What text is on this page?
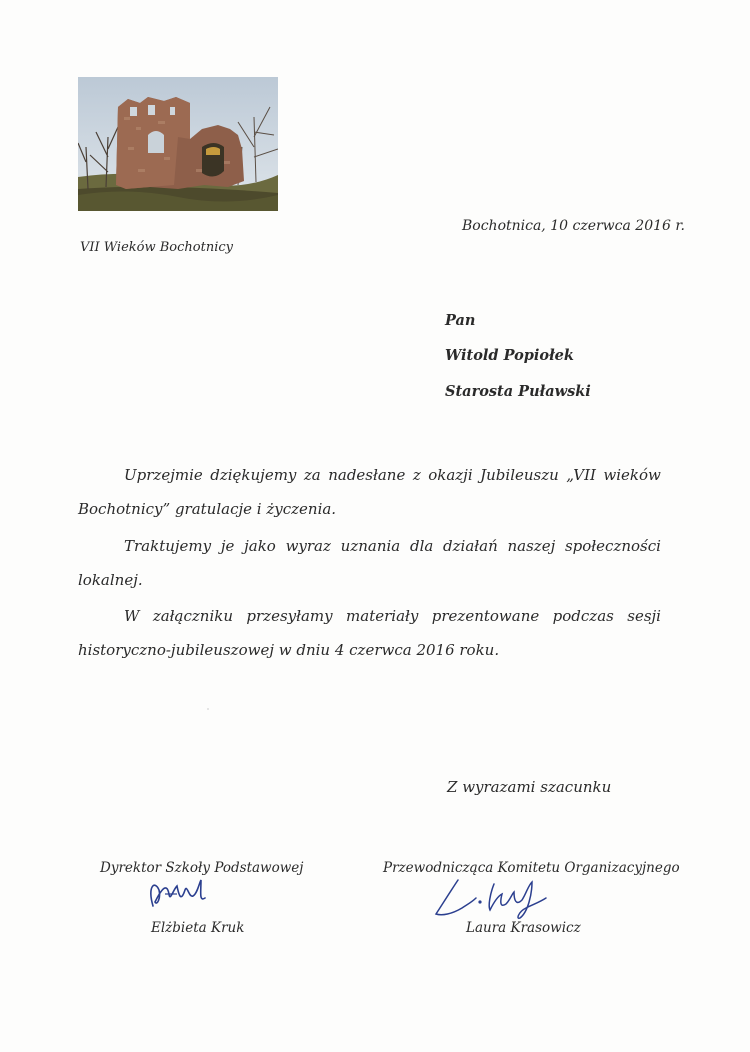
Bochotnica, 10 czerwca 2016 r.
VII Wieków Bochotnicy
Pan
Witold Popiołek
Starosta Puławski
Uprzejmie dziękujemy za nadesłane z okazji Jubileuszu „VII wieków
Bochotnicy” gratulacje i życzenia.
Traktujemy je jako wyraz uznania dla działań naszej społeczności
lokalnej.
W załączniku przesyłamy materiały prezentowane podczas sesji
historyczno-jubileuszowej w dniu 4 czerwca 2016 roku.
Z wyrazami szacunku
Dyrektor Szkoły Podstawowej	Przewodnicząca Komitetu Organizacyjnego
Elżbieta Kruk	Laura Krasowicz
